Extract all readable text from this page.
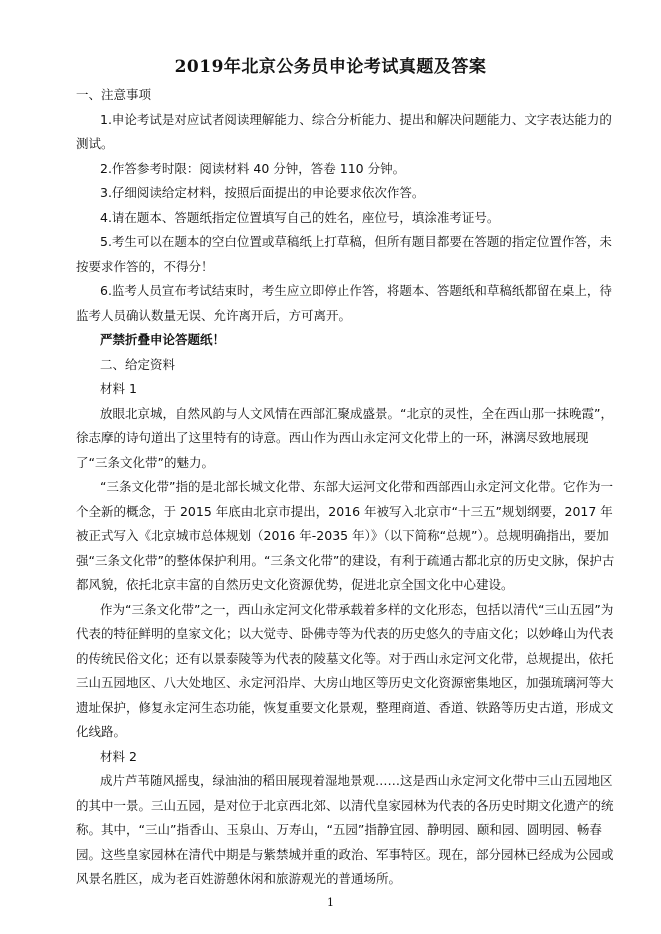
2019年北京公务员申论考试真题及答案

一、注意事项

1.申论考试是对应试者阅读理解能力、综合分析能力、提出和解决问题能力、文字表达能力的测试。

2.作答参考时限：阅读材料 40 分钟，答卷 110 分钟。

3.仔细阅读给定材料，按照后面提出的申论要求依次作答。

4.请在题本、答题纸指定位置填写自己的姓名，座位号，填涂准考证号。

5.考生可以在题本的空白位置或草稿纸上打草稿，但所有题目都要在答题的指定位置作答，未按要求作答的，不得分！

6.监考人员宣布考试结束时，考生应立即停止作答，将题本、答题纸和草稿纸都留在桌上，待监考人员确认数量无误、允许离开后，方可离开。

严禁折叠申论答题纸！

二、给定资料

材料 1

放眼北京城，自然风韵与人文风情在西部汇聚成盛景。“北京的灵性，全在西山那一抹晚霞”，徐志摩的诗句道出了这里特有的诗意。西山作为西山永定河文化带上的一环，淋漓尽致地展现了“三条文化带”的魅力。

“三条文化带”指的是北部长城文化带、东部大运河文化带和西部西山永定河文化带。它作为一个全新的概念，于 2015 年底由北京市提出，2016 年被写入北京市“十三五”规划纲要，2017 年被正式写入《北京城市总体规划（2016 年-2035 年）》（以下简称“总规”）。总规明确指出，要加强“三条文化带”的整体保护利用。“三条文化带”的建设，有利于疏通古都北京的历史文脉，保护古都风貌，依托北京丰富的自然历史文化资源优势，促进北京全国文化中心建设。

作为“三条文化带”之一，西山永定河文化带承载着多样的文化形态，包括以清代“三山五园”为代表的特征鲜明的皇家文化；以大觉寺、卧佛寺等为代表的历史悠久的寺庙文化；以妙峰山为代表的传统民俗文化；还有以景泰陵等为代表的陵墓文化等。对于西山永定河文化带，总规提出，依托三山五园地区、八大处地区、永定河沿岸、大房山地区等历史文化资源密集地区，加强琉璃河等大遗址保护，修复永定河生态功能，恢复重要文化景观，整理商道、香道、铁路等历史古道，形成文化线路。

材料 2

成片芦苇随风摇曳，绿油油的稻田展现着湿地景观……这是西山永定河文化带中三山五园地区的其中一景。三山五园，是对位于北京西北郊、以清代皇家园林为代表的各历史时期文化遗产的统称。其中，“三山”指香山、玉泉山、万寿山，“五园”指静宜园、静明园、颐和园、圆明园、畅春园。这些皇家园林在清代中期是与紫禁城并重的政治、军事特区。现在，部分园林已经成为公园或风景名胜区，成为老百姓游憩休闲和旅游观光的普通场所。

1
